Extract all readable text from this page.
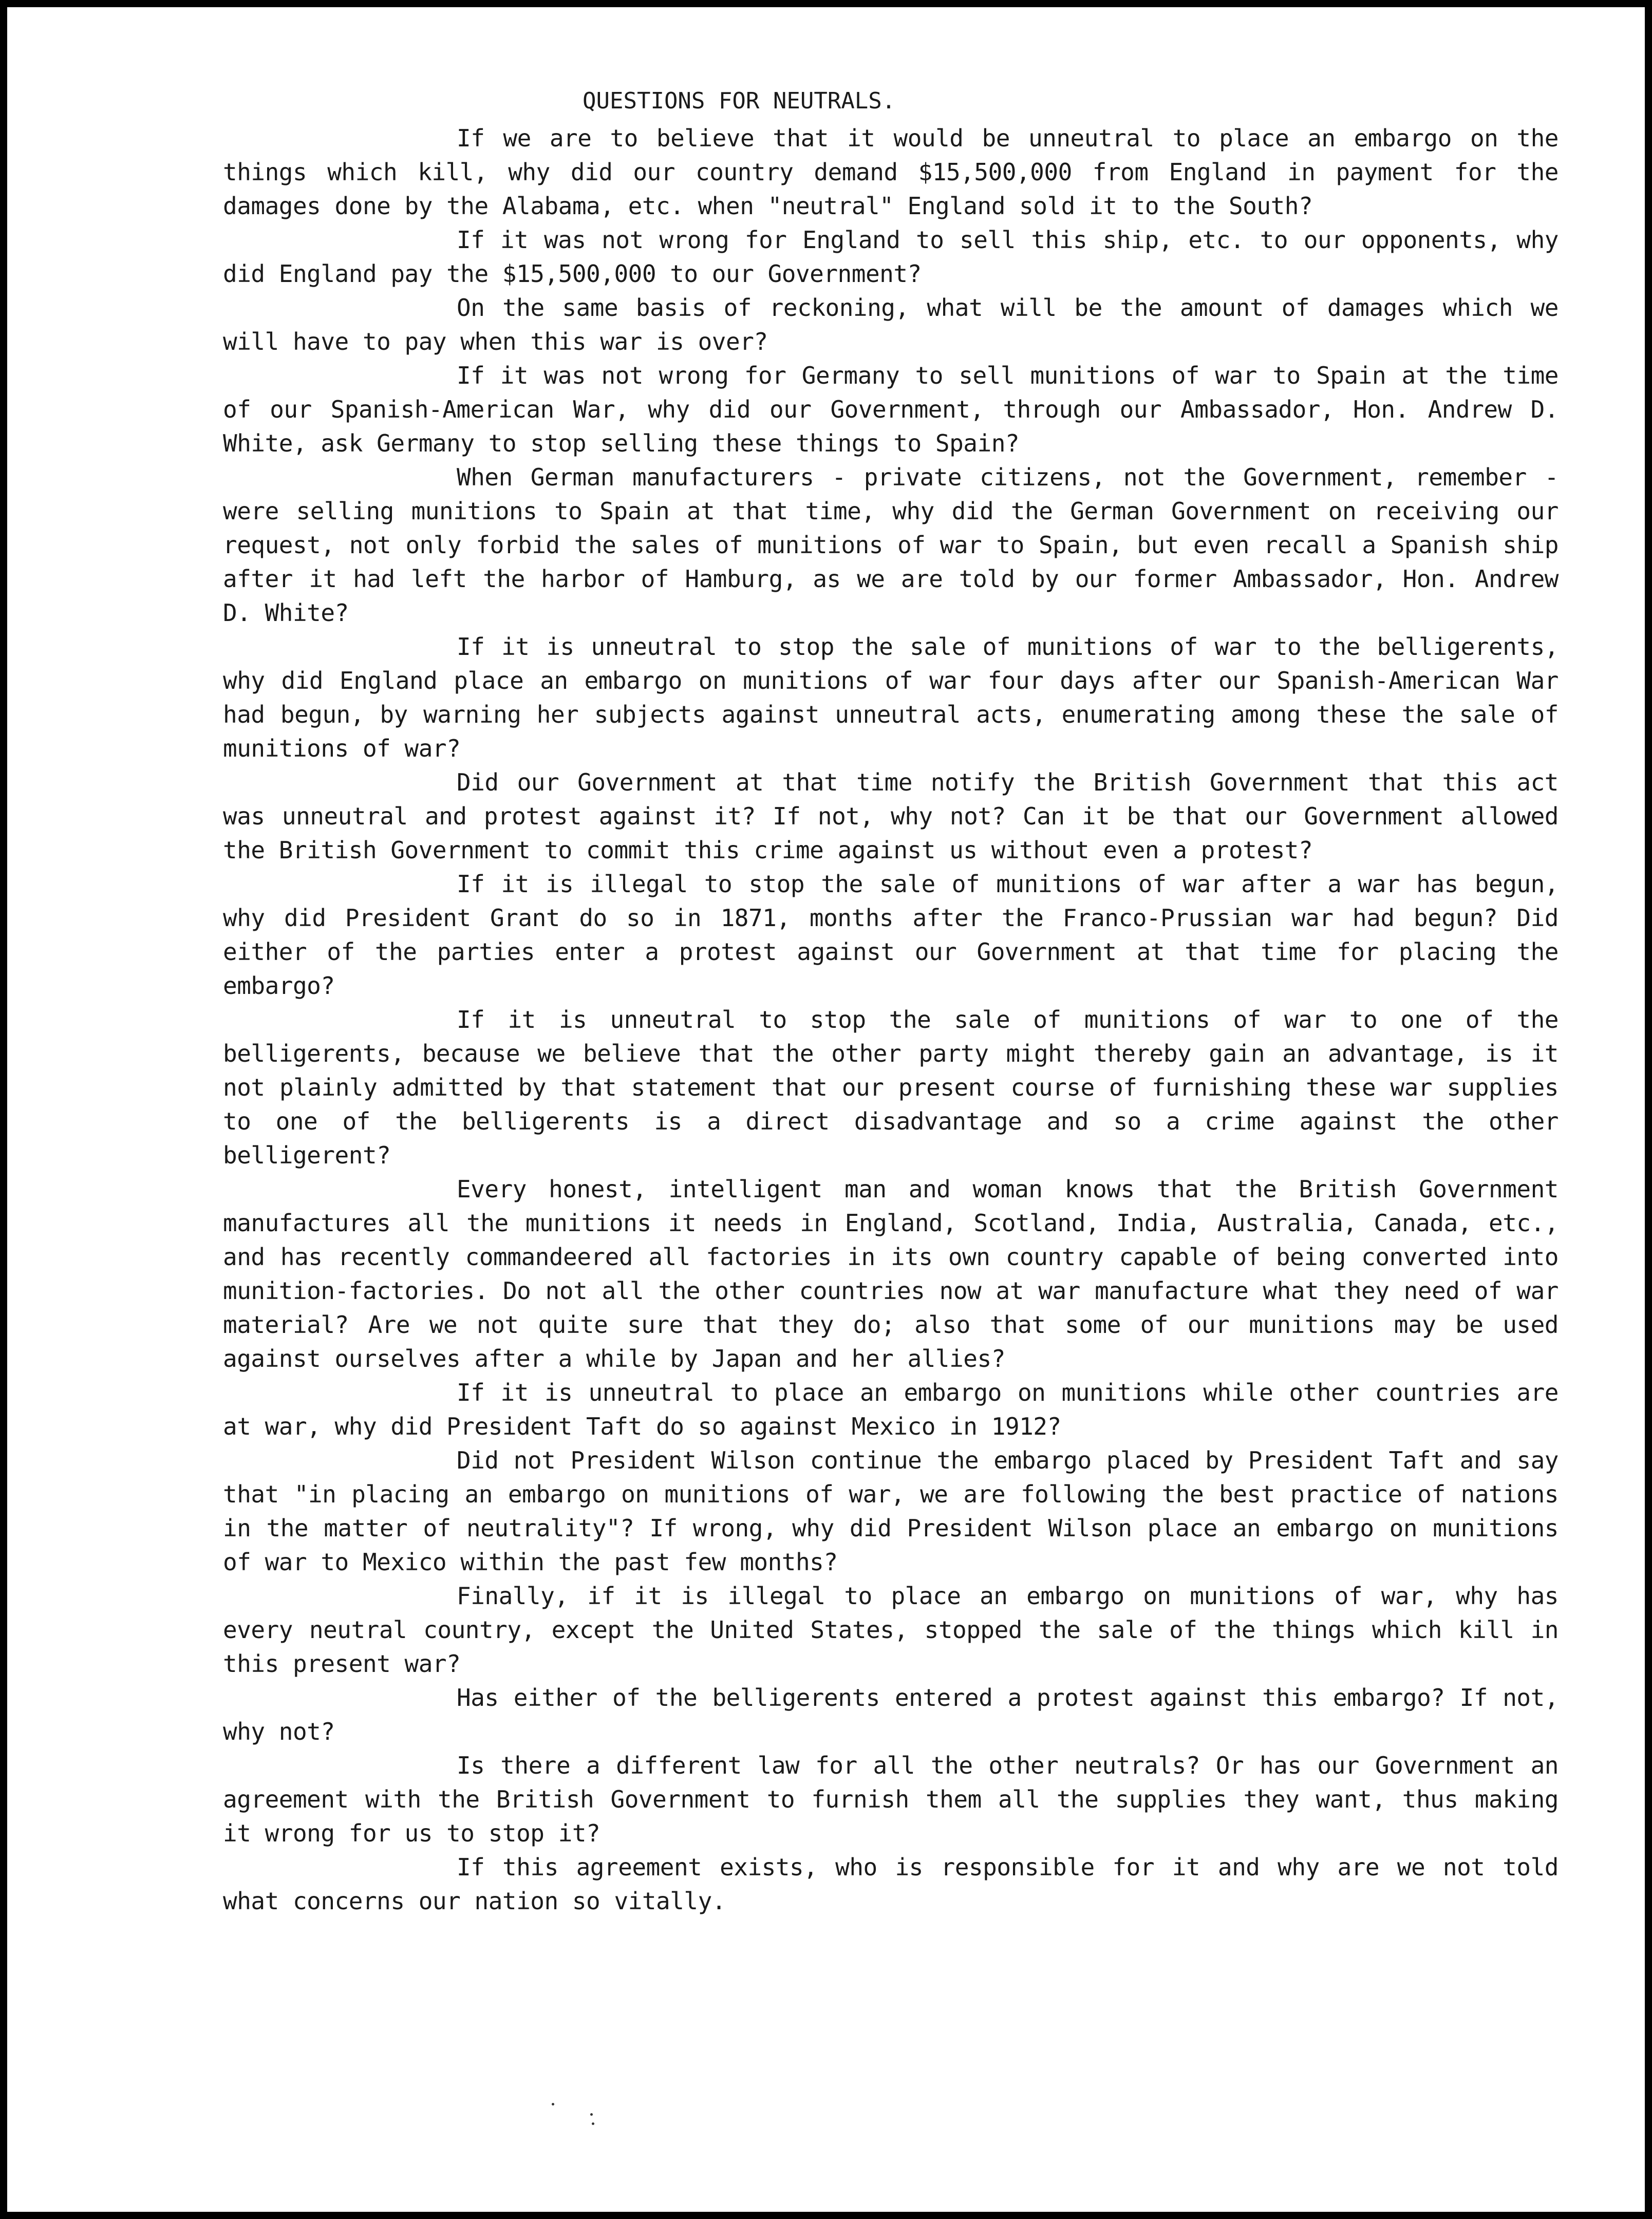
QUESTIONS FOR NEUTRALS.

If we are to believe that it would be unneutral to place an embargo on the things which kill, why did our country demand $15,500,000 from England in payment for the damages done by the Alabama, etc. when "neutral" England sold it to the South?

If it was not wrong for England to sell this ship, etc. to our opponents, why did England pay the $15,500,000 to our Government?

On the same basis of reckoning, what will be the amount of damages which we will have to pay when this war is over?

If it was not wrong for Germany to sell munitions of war to Spain at the time of our Spanish-American War, why did our Government, through our Ambassador, Hon. Andrew D. White, ask Germany to stop selling these things to Spain?

When German manufacturers - private citizens, not the Government, remember - were selling munitions to Spain at that time, why did the German Government on receiving our request, not only forbid the sales of munitions of war to Spain, but even recall a Spanish ship after it had left the harbor of Hamburg, as we are told by our former Ambassador, Hon. Andrew D. White?

If it is unneutral to stop the sale of munitions of war to the belligerents, why did England place an embargo on munitions of war four days after our Spanish-American War had begun, by warning her subjects against unneutral acts, enumerating among these the sale of munitions of war?

Did our Government at that time notify the British Government that this act was unneutral and protest against it? If not, why not? Can it be that our Government allowed the British Government to commit this crime against us without even a protest?

If it is illegal to stop the sale of munitions of war after a war has begun, why did President Grant do so in 1871, months after the Franco-Prussian war had begun? Did either of the parties enter a protest against our Government at that time for placing the embargo?

If it is unneutral to stop the sale of munitions of war to one of the belligerents, because we believe that the other party might thereby gain an advantage, is it not plainly admitted by that statement that our present course of furnishing these war supplies to one of the belligerents is a direct disadvantage and so a crime against the other belligerent?

Every honest, intelligent man and woman knows that the British Government manufactures all the munitions it needs in England, Scotland, India, Australia, Canada, etc., and has recently commandeered all factories in its own country capable of being converted into munition-factories. Do not all the other countries now at war manufacture what they need of war material? Are we not quite sure that they do; also that some of our munitions may be used against ourselves after a while by Japan and her allies?

If it is unneutral to place an embargo on munitions while other countries are at war, why did President Taft do so against Mexico in 1912?

Did not President Wilson continue the embargo placed by President Taft and say that "in placing an embargo on munitions of war, we are following the best practice of nations in the matter of neutrality"? If wrong, why did President Wilson place an embargo on munitions of war to Mexico within the past few months?

Finally, if it is illegal to place an embargo on munitions of war, why has every neutral country, except the United States, stopped the sale of the things which kill in this present war?

Has either of the belligerents entered a protest against this embargo? If not, why not?

Is there a different law for all the other neutrals? Or has our Government an agreement with the British Government to furnish them all the supplies they want, thus making it wrong for us to stop it?

If this agreement exists, who is responsible for it and why are we not told what concerns our nation so vitally.
